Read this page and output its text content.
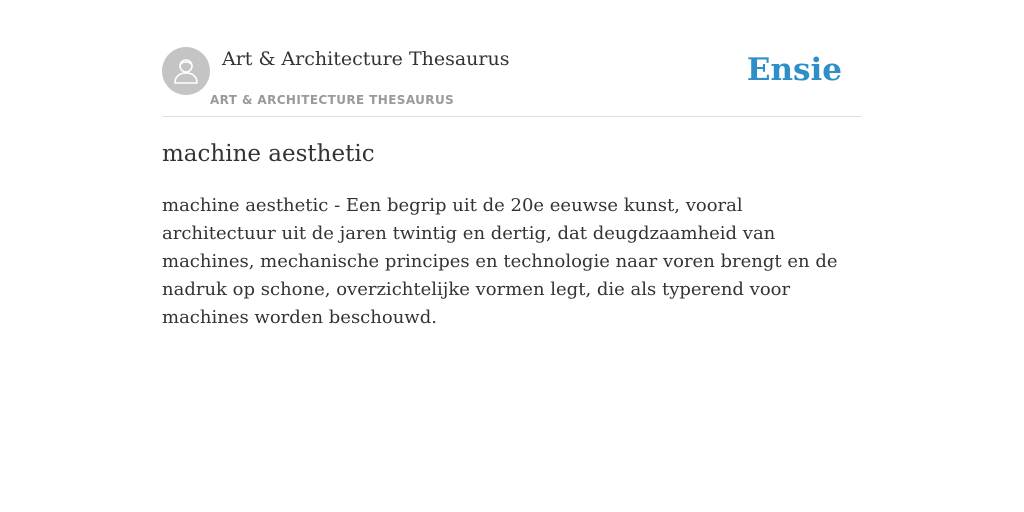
Art & Architecture Thesaurus
ART & ARCHITECTURE THESAURUS
Ensie
machine aesthetic
machine aesthetic - Een begrip uit de 20e eeuwse kunst, vooral architectuur uit de jaren twintig en dertig, dat deugdzaamheid van machines, mechanische principes en technologie naar voren brengt en de nadruk op schone, overzichtelijke vormen legt, die als typerend voor machines worden beschouwd.
